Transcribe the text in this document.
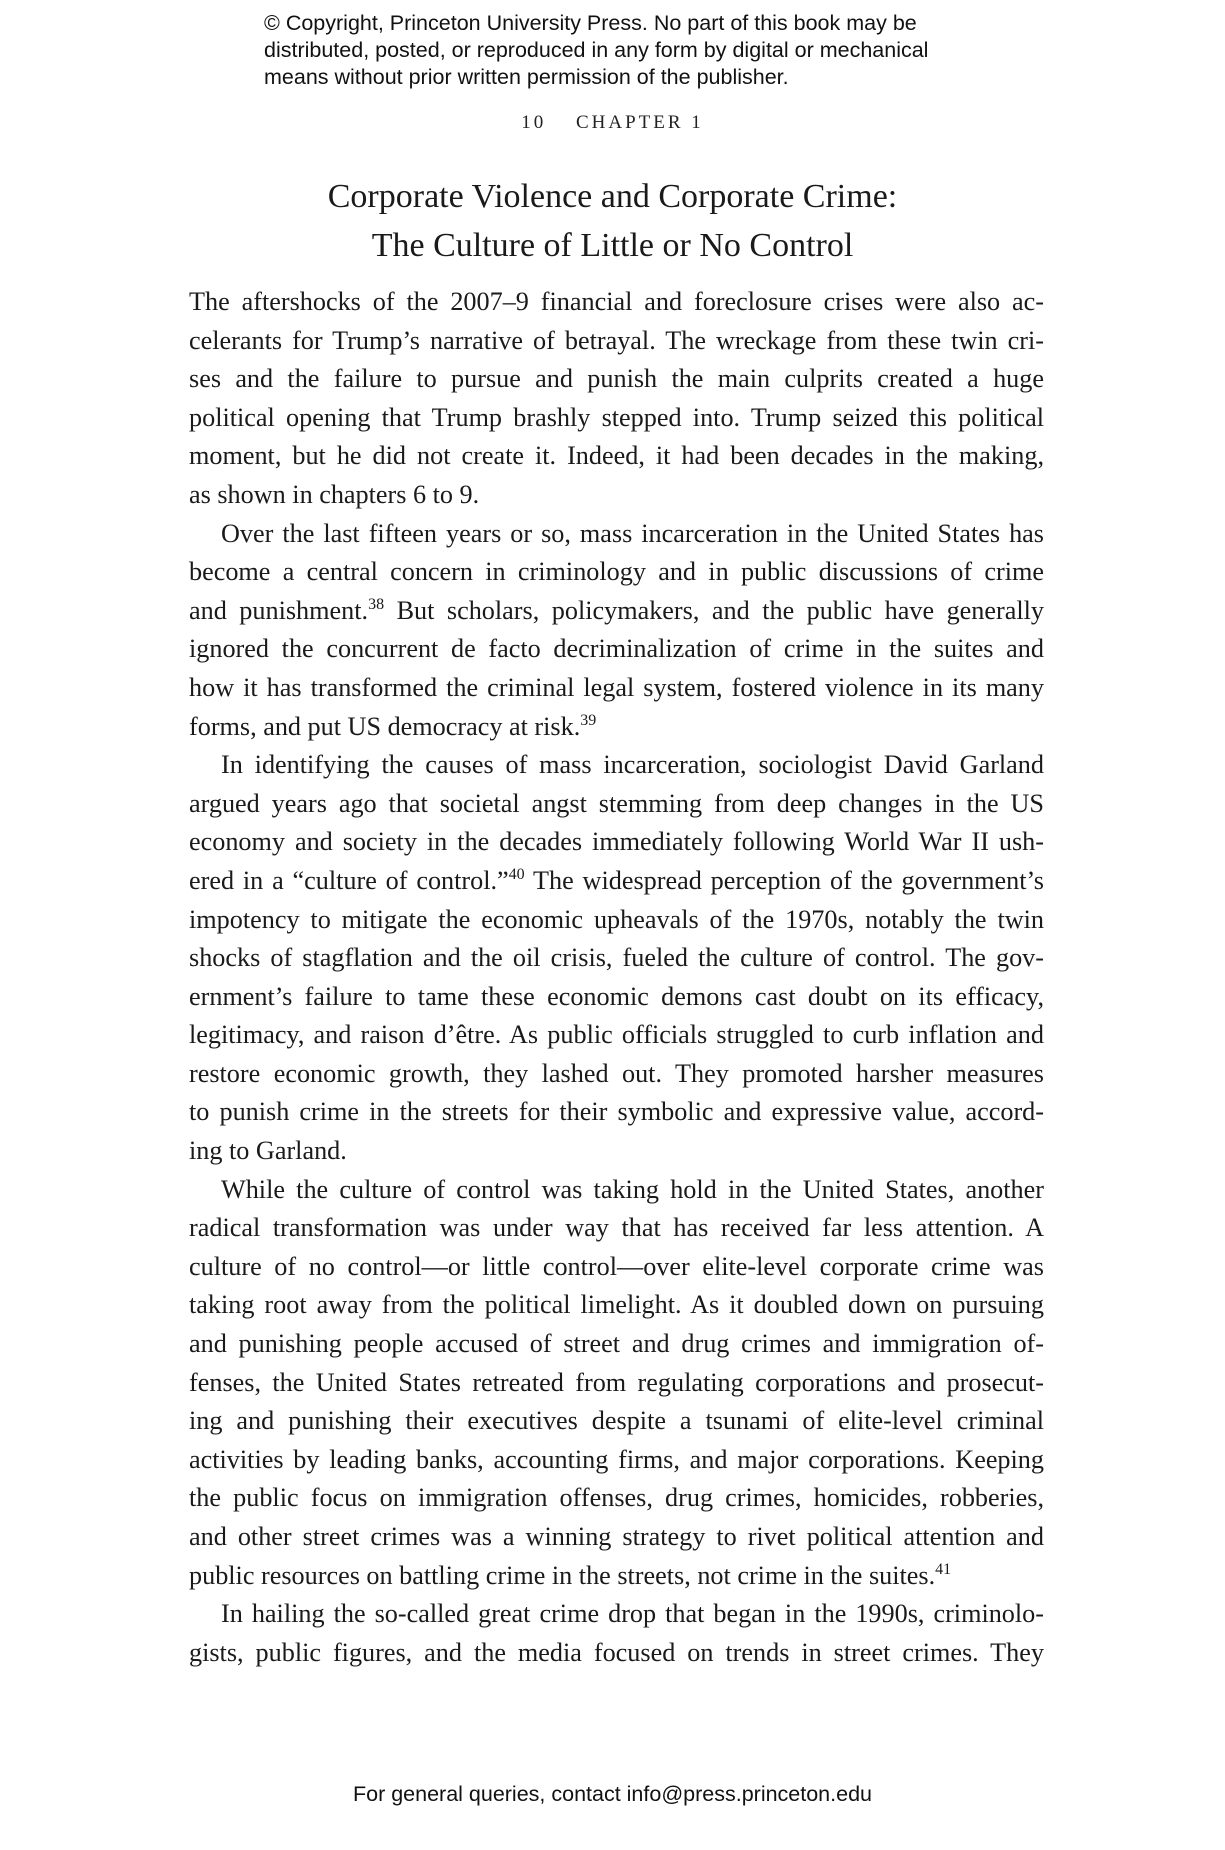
© Copyright, Princeton University Press. No part of this book may be
distributed, posted, or reproduced in any form by digital or mechanical
means without prior written permission of the publisher.
10 CHAPTER 1
Corporate Violence and Corporate Crime:
The Culture of Little or No Control
The aftershocks of the 2007–9 financial and foreclosure crises were also ac-
celerants for Trump’s narrative of betrayal. The wreckage from these twin cri-
ses and the failure to pursue and punish the main culprits created a huge
political opening that Trump brashly stepped into. Trump seized this political
moment, but he did not create it. Indeed, it had been decades in the making,
as shown in chapters 6 to 9.
Over the last fifteen years or so, mass incarceration in the United States has
become a central concern in criminology and in public discussions of crime
and punishment.$^{38}$ But scholars, policymakers, and the public have generally
ignored the concurrent de facto decriminalization of crime in the suites and
how it has transformed the criminal legal system, fostered violence in its many
forms, and put US democracy at risk.$^{39}$
In identifying the causes of mass incarceration, sociologist David Garland
argued years ago that societal angst stemming from deep changes in the US
economy and society in the decades immediately following World War II ush-
ered in a “culture of control.”$^{40}$ The widespread perception of the government’s
impotency to mitigate the economic upheavals of the 1970s, notably the twin
shocks of stagflation and the oil crisis, fueled the culture of control. The gov-
ernment’s failure to tame these economic demons cast doubt on its efficacy,
legitimacy, and raison d’être. As public officials struggled to curb inflation and
restore economic growth, they lashed out. They promoted harsher measures
to punish crime in the streets for their symbolic and expressive value, accord-
ing to Garland.
While the culture of control was taking hold in the United States, another
radical transformation was under way that has received far less attention. A
culture of no control—or little control—over elite-level corporate crime was
taking root away from the political limelight. As it doubled down on pursuing
and punishing people accused of street and drug crimes and immigration of-
fenses, the United States retreated from regulating corporations and prosecut-
ing and punishing their executives despite a tsunami of elite-level criminal
activities by leading banks, accounting firms, and major corporations. Keeping
the public focus on immigration offenses, drug crimes, homicides, robberies,
and other street crimes was a winning strategy to rivet political attention and
public resources on battling crime in the streets, not crime in the suites.$^{41}$
In hailing the so-called great crime drop that began in the 1990s, criminolo-
gists, public figures, and the media focused on trends in street crimes. They
For general queries, contact info@press.princeton.edu
